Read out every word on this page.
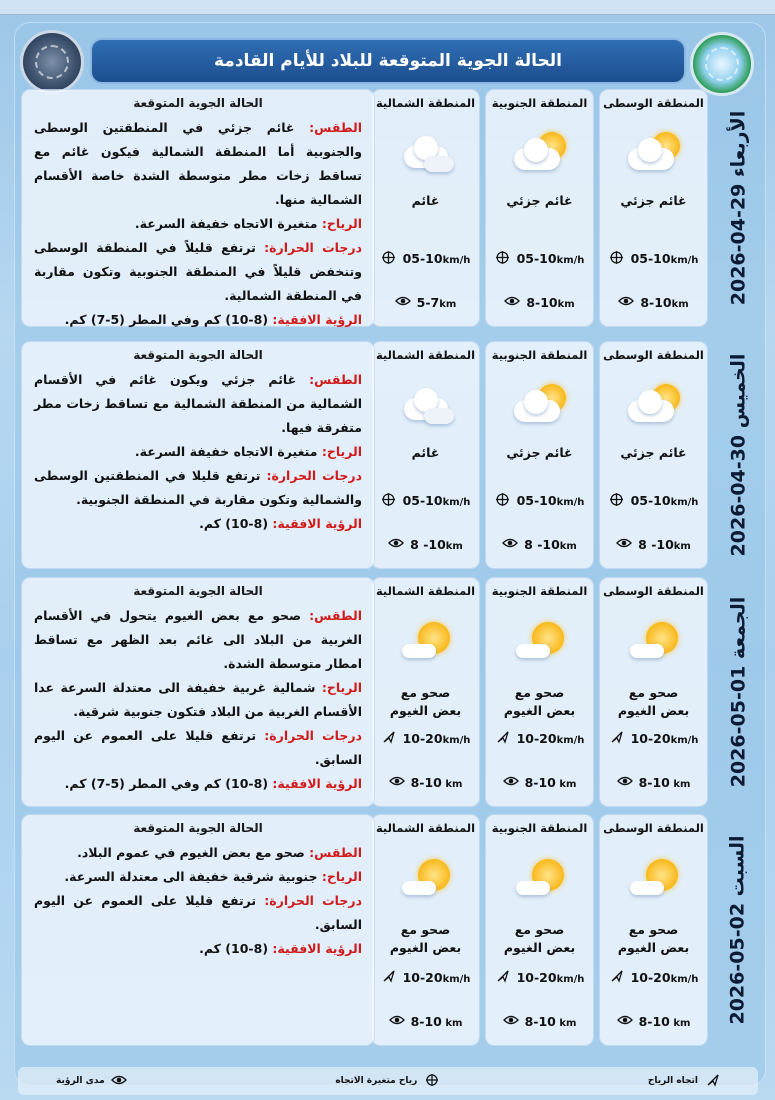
الحالة الجوية المتوقعة للبلاد للأيام القادمة
الأربعاء 29-04-2026
المنطقة الوسطى
غائم جزئي
05-10km/h
8-10km
المنطقة الجنوبية
غائم جزئي
05-10km/h
8-10km
المنطقة الشمالية
غائم
05-10km/h
5-7km
الحالة الجوية المتوقعة
الطقس: غائم جزئي في المنطقتين الوسطى والجنوبية أما المنطقة الشمالية فيكون غائم مع تساقط زخات مطر متوسطة الشدة خاصة الأقسام الشمالية منها.
الرياح: متغيرة الاتجاه خفيفة السرعة.
درجات الحرارة: ترتفع قليلاً في المنطقة الوسطى وتنخفض قليلاً في المنطقة الجنوبية وتكون مقاربة في المنطقة الشمالية.
الرؤية الافقية: (8-10) كم وفي المطر (5-7) كم.
الخميس 30-04-2026
المنطقة الوسطى
غائم جزئي
05-10km/h
8 -10km
المنطقة الجنوبية
غائم جزئي
05-10km/h
8 -10km
المنطقة الشمالية
غائم
05-10km/h
8 -10km
الحالة الجوية المتوقعة
الطقس: غائم جزئي ويكون غائم في الأقسام الشمالية من المنطقة الشمالية مع تساقط زخات مطر متفرقة فيها.
الرياح: متغيرة الاتجاه خفيفة السرعة.
درجات الحرارة: ترتفع قليلا في المنطقتين الوسطى والشمالية وتكون مقاربة في المنطقة الجنوبية.
الرؤية الافقية: (8-10) كم.
الجمعة 01-05-2026
المنطقة الوسطى
صحو مع بعض الغيوم
10-20km/h
8-10 km
المنطقة الجنوبية
صحو مع بعض الغيوم
10-20km/h
8-10 km
المنطقة الشمالية
صحو مع بعض الغيوم
10-20km/h
8-10 km
الحالة الجوية المتوقعة
الطقس: صحو مع بعض الغيوم يتحول في الأقسام الغربية من البلاد الى غائم بعد الظهر مع تساقط امطار متوسطة الشدة.
الرياح: شمالية غربية خفيفة الى معتدلة السرعة عدا الأقسام الغربية من البلاد فتكون جنوبية شرقية.
درجات الحرارة: ترتفع قليلا على العموم عن اليوم السابق.
الرؤية الافقية: (8-10) كم وفي المطر (5-7) كم.
السبت 02-05-2026
المنطقة الوسطى
صحو مع بعض الغيوم
10-20km/h
8-10 km
المنطقة الجنوبية
صحو مع بعض الغيوم
10-20km/h
8-10 km
المنطقة الشمالية
صحو مع بعض الغيوم
10-20km/h
8-10 km
الحالة الجوية المتوقعة
الطقس: صحو مع بعض الغيوم في عموم البلاد.
الرياح: جنوبية شرقية خفيفة الى معتدلة السرعة.
درجات الحرارة: ترتفع قليلا على العموم عن اليوم السابق.
الرؤية الافقية: (8-10) كم.
اتجاه الرياح
رياح متغيرة الاتجاه
مدى الرؤية
